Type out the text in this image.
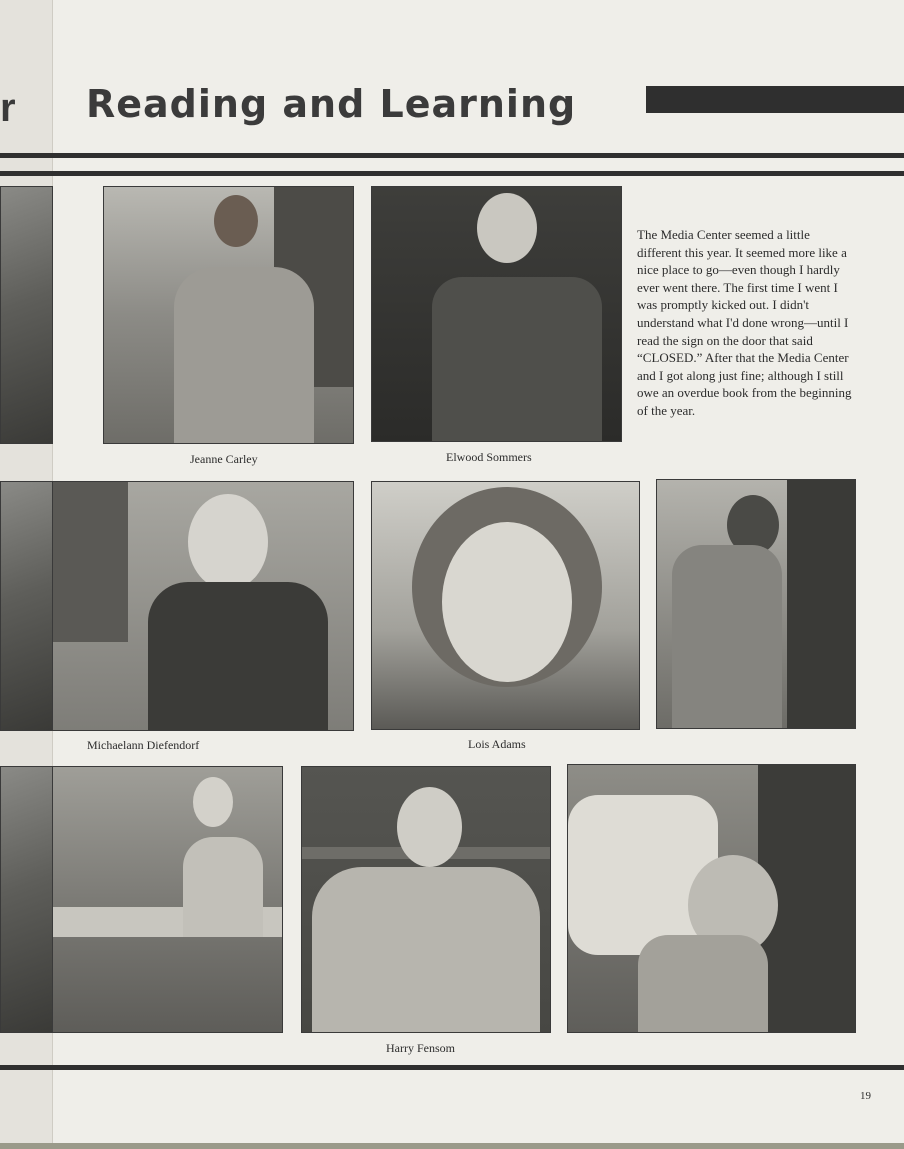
r Reading and Learning
Jeanne Carley	Elwood Sommers
The Media Center seemed a little different this year. It seemed more like a nice place to go—even though I hardly ever went there. The first time I went I was promptly kicked out. I didn't understand what I'd done wrong—until I read the sign on the door that said “CLOSED.” After that the Media Center and I got along just fine; although I still owe an overdue book from the beginning of the year.
Michaelann Diefendorf	Lois Adams
Harry Fensom
19
